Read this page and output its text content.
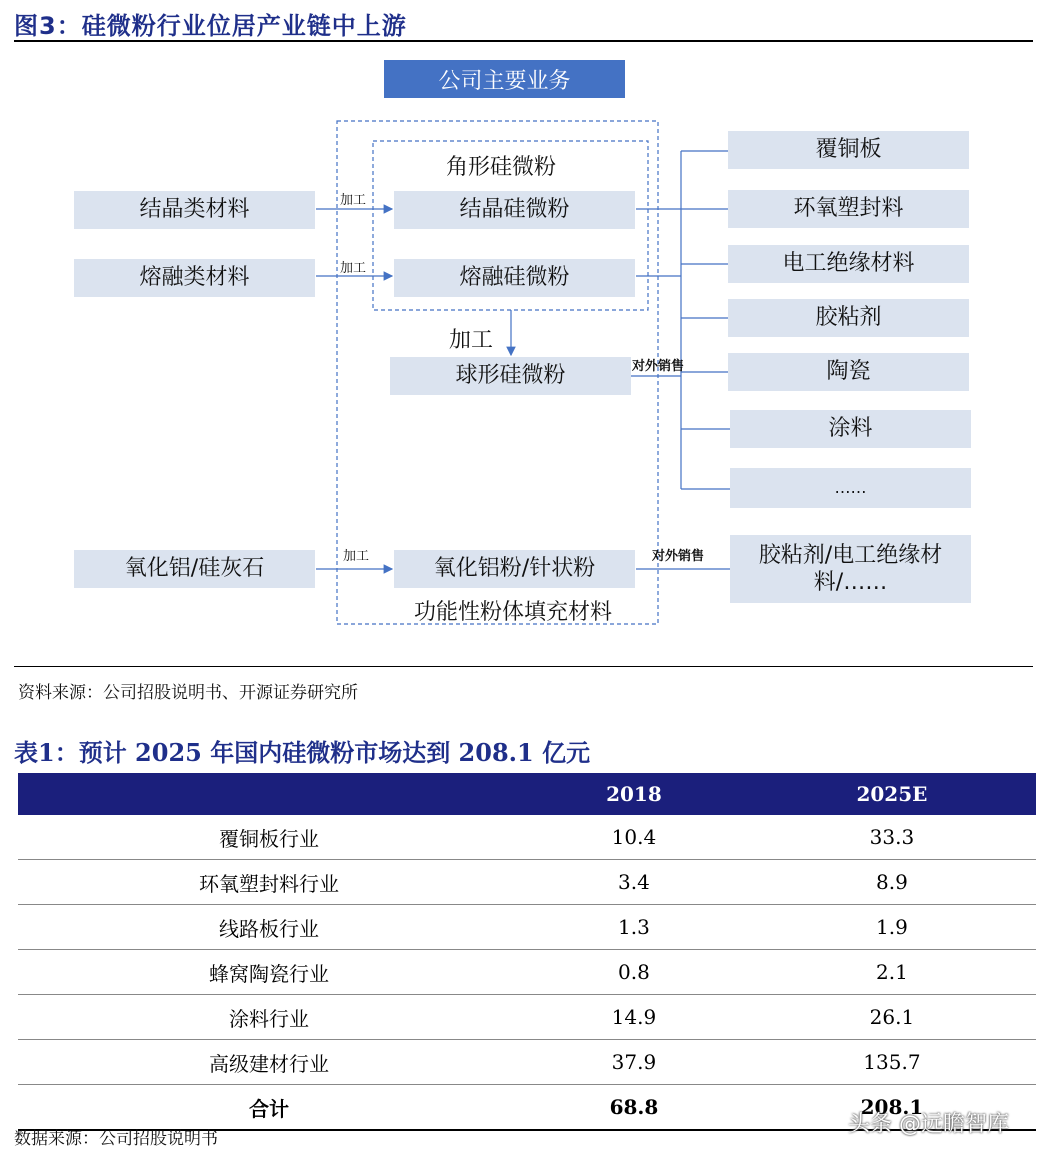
图3：硅微粉行业位居产业链中上游
公司主要业务
角形硅微粉
功能性粉体填充材料
结晶类材料
熔融类材料
氧化铝/硅灰石
结晶硅微粉
熔融硅微粉
球形硅微粉
氧化铝粉/针状粉
加工
加工
加工
加工
对外销售
对外销售
覆铜板
环氧塑封料
电工绝缘材料
胶粘剂
陶瓷
涂料
……
胶粘剂/电工绝缘材料/……
资料来源：公司招股说明书、开源证券研究所
表1：预计 2025 年国内硅微粉市场达到 208.1 亿元
	2018	2025E
覆铜板行业	10.4	33.3
环氧塑封料行业	3.4	8.9
线路板行业	1.3	1.9
蜂窝陶瓷行业	0.8	2.1
涂料行业	14.9	26.1
高级建材行业	37.9	135.7
合计	68.8	208.1
数据来源：公司招股说明书
头条 @远瞻智库
